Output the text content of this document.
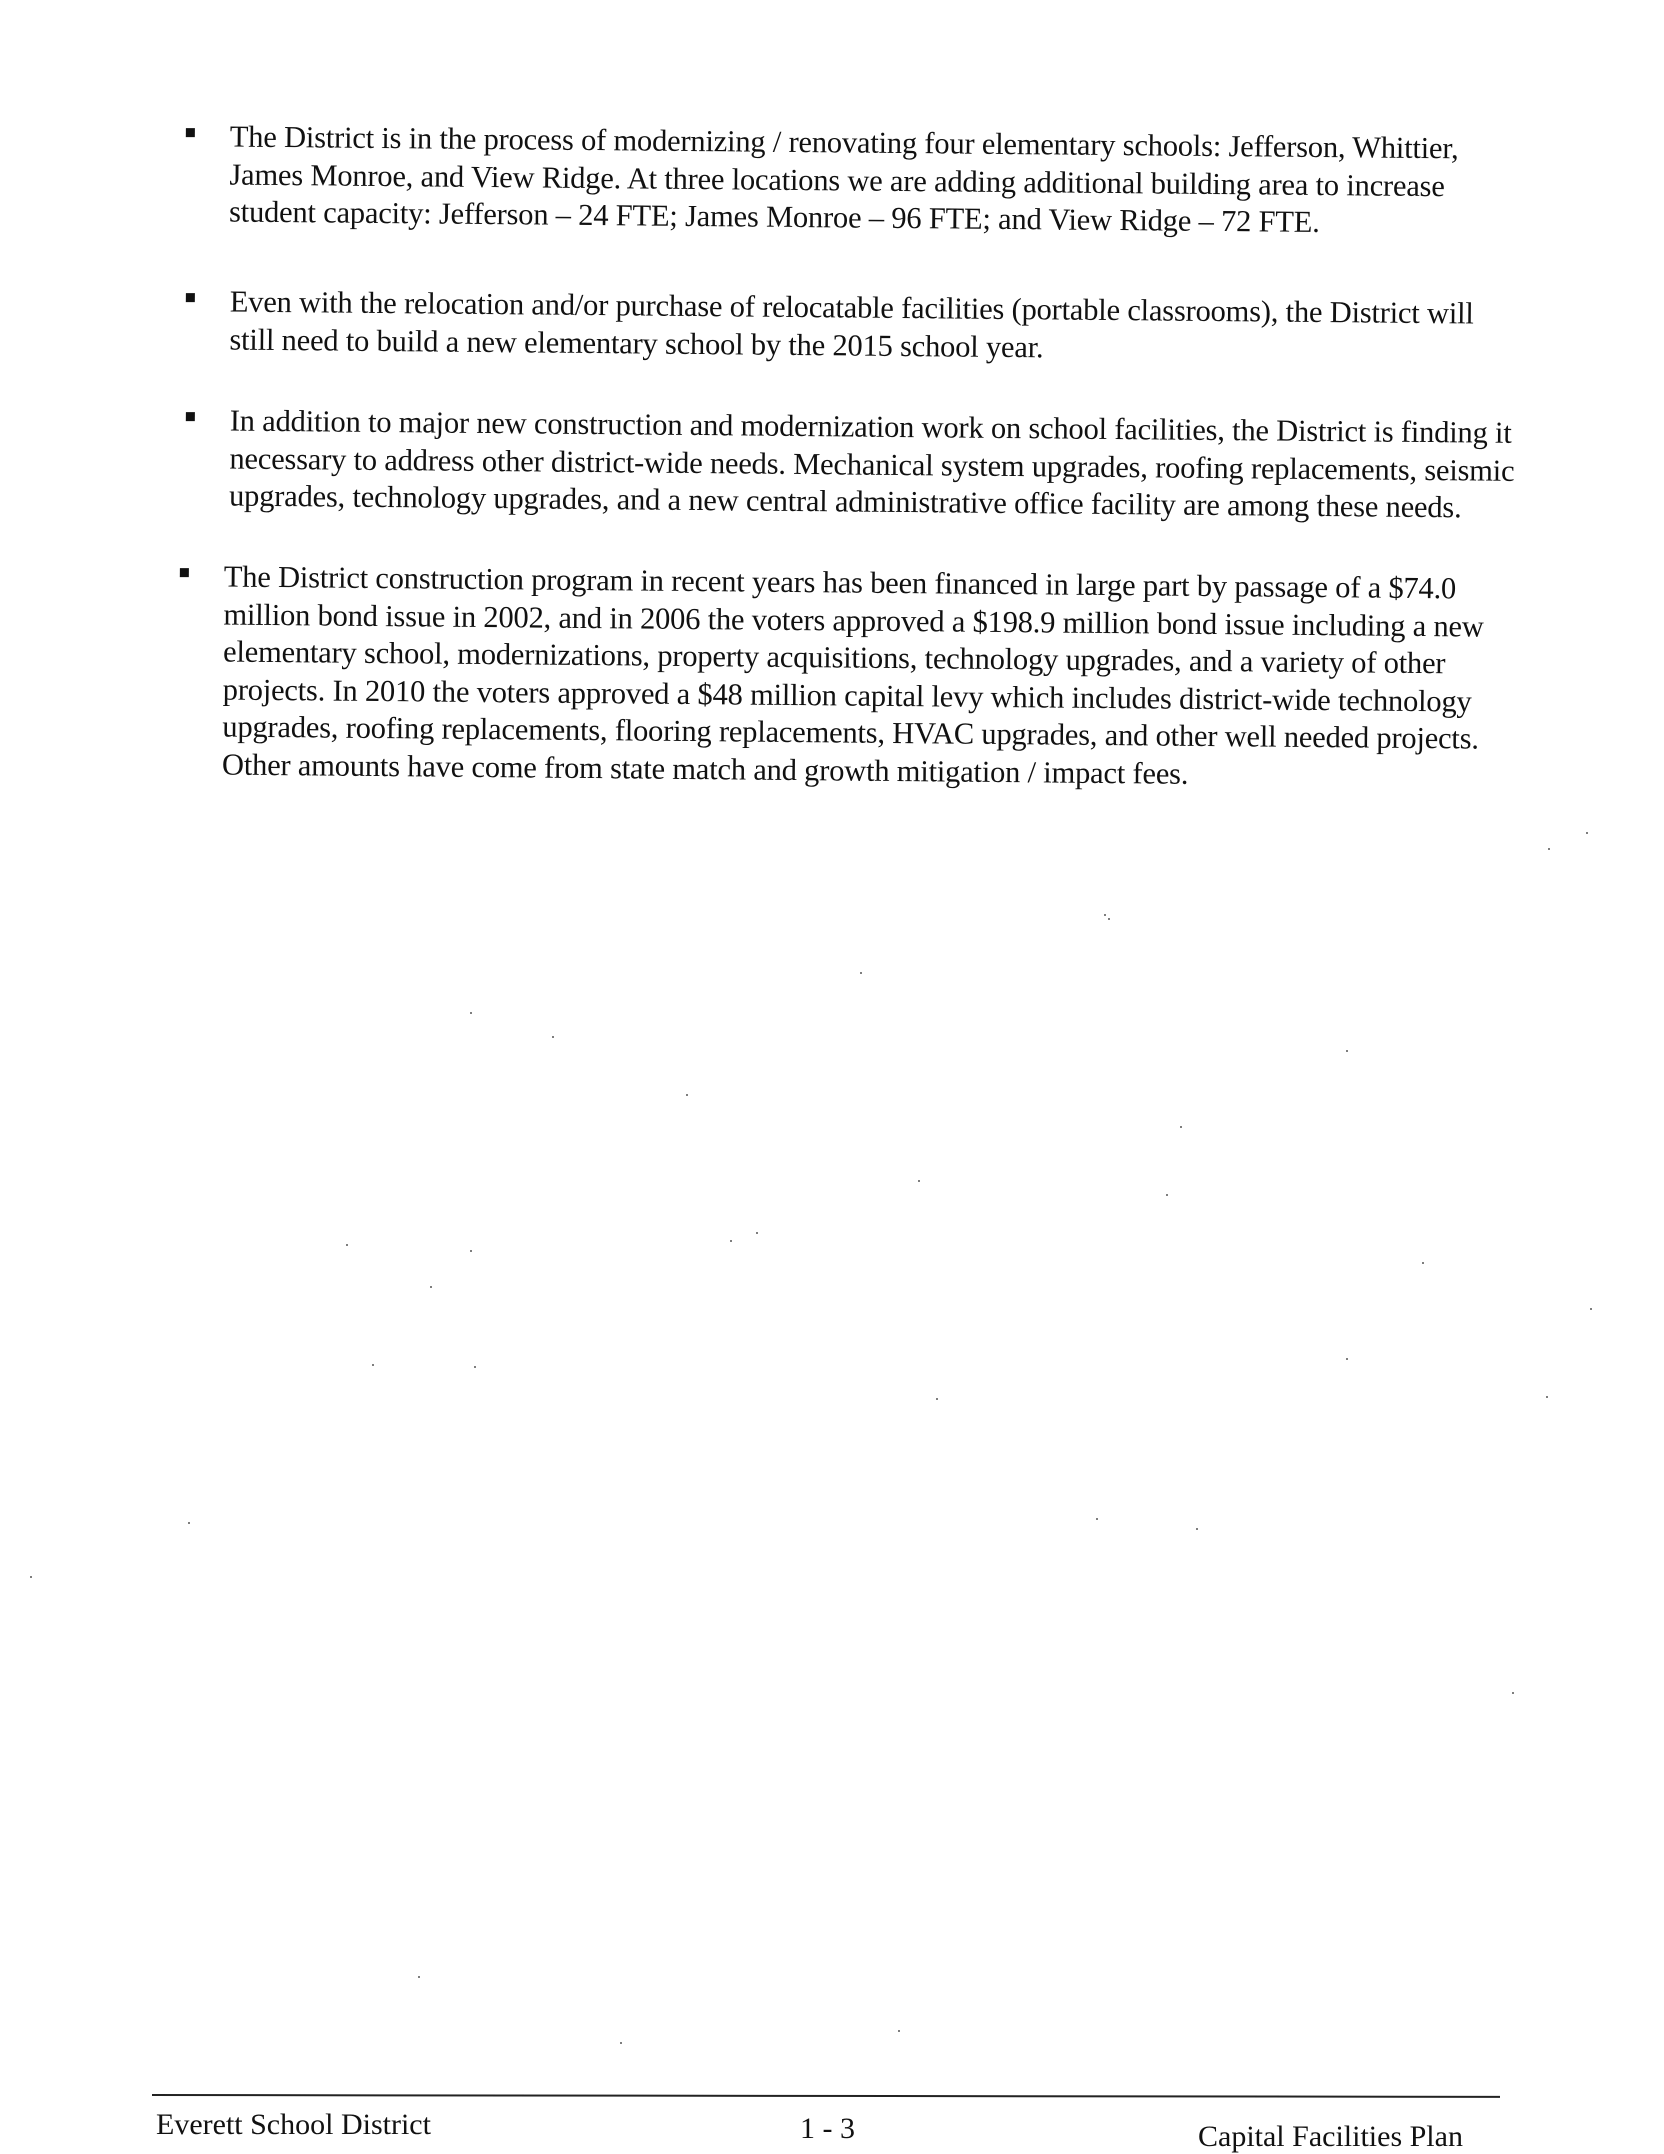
The District is in the process of modernizing / renovating four elementary schools: Jefferson, Whittier, James Monroe, and View Ridge. At three locations we are adding additional building area to increase student capacity: Jefferson – 24 FTE; James Monroe – 96 FTE; and View Ridge – 72 FTE.
Even with the relocation and/or purchase of relocatable facilities (portable classrooms), the District will still need to build a new elementary school by the 2015 school year.
In addition to major new construction and modernization work on school facilities, the District is finding it necessary to address other district-wide needs. Mechanical system upgrades, roofing replacements, seismic upgrades, technology upgrades, and a new central administrative office facility are among these needs.
The District construction program in recent years has been financed in large part by passage of a $74.0 million bond issue in 2002, and in 2006 the voters approved a $198.9 million bond issue including a new elementary school, modernizations, property acquisitions, technology upgrades, and a variety of other projects. In 2010 the voters approved a $48 million capital levy which includes district-wide technology upgrades, roofing replacements, flooring replacements, HVAC upgrades, and other well needed projects. Other amounts have come from state match and growth mitigation / impact fees.
Everett School District	1 - 3	Capital Facilities Plan
